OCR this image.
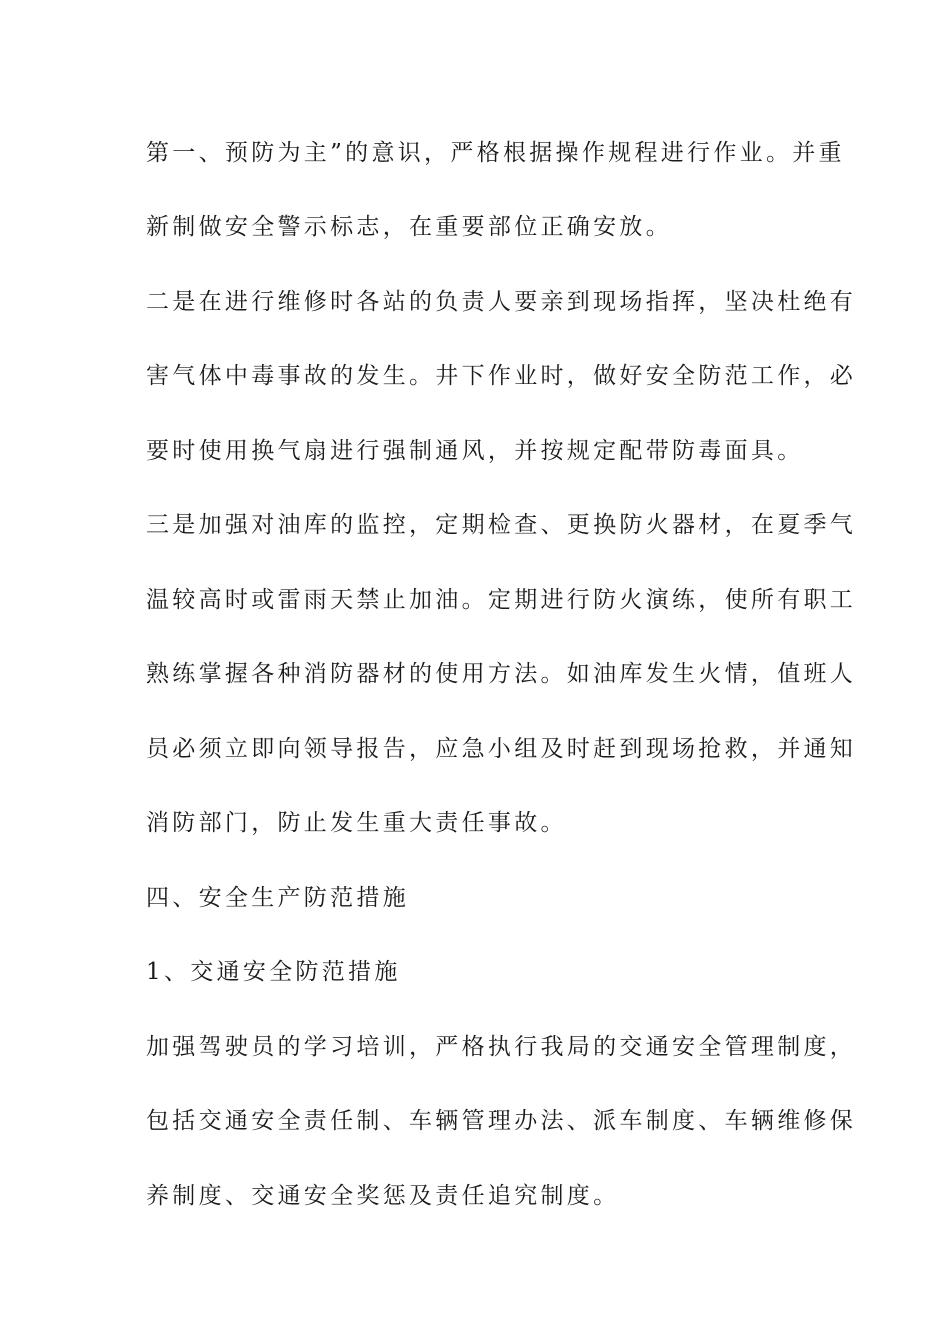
第一、预防为主”的意识，严格根据操作规程进行作业。并重
新制做安全警示标志，在重要部位正确安放。
二是在进行维修时各站的负责人要亲到现场指挥，坚决杜绝有
害气体中毒事故的发生。井下作业时，做好安全防范工作，必
要时使用换气扇进行强制通风，并按规定配带防毒面具。
三是加强对油库的监控，定期检查、更换防火器材，在夏季气
温较高时或雷雨天禁止加油。定期进行防火演练，使所有职工
熟练掌握各种消防器材的使用方法。如油库发生火情，值班人
员必须立即向领导报告，应急小组及时赶到现场抢救，并通知
消防部门，防止发生重大责任事故。
四、安全生产防范措施
1、交通安全防范措施
加强驾驶员的学习培训，严格执行我局的交通安全管理制度，
包括交通安全责任制、车辆管理办法、派车制度、车辆维修保
养制度、交通安全奖惩及责任追究制度。
